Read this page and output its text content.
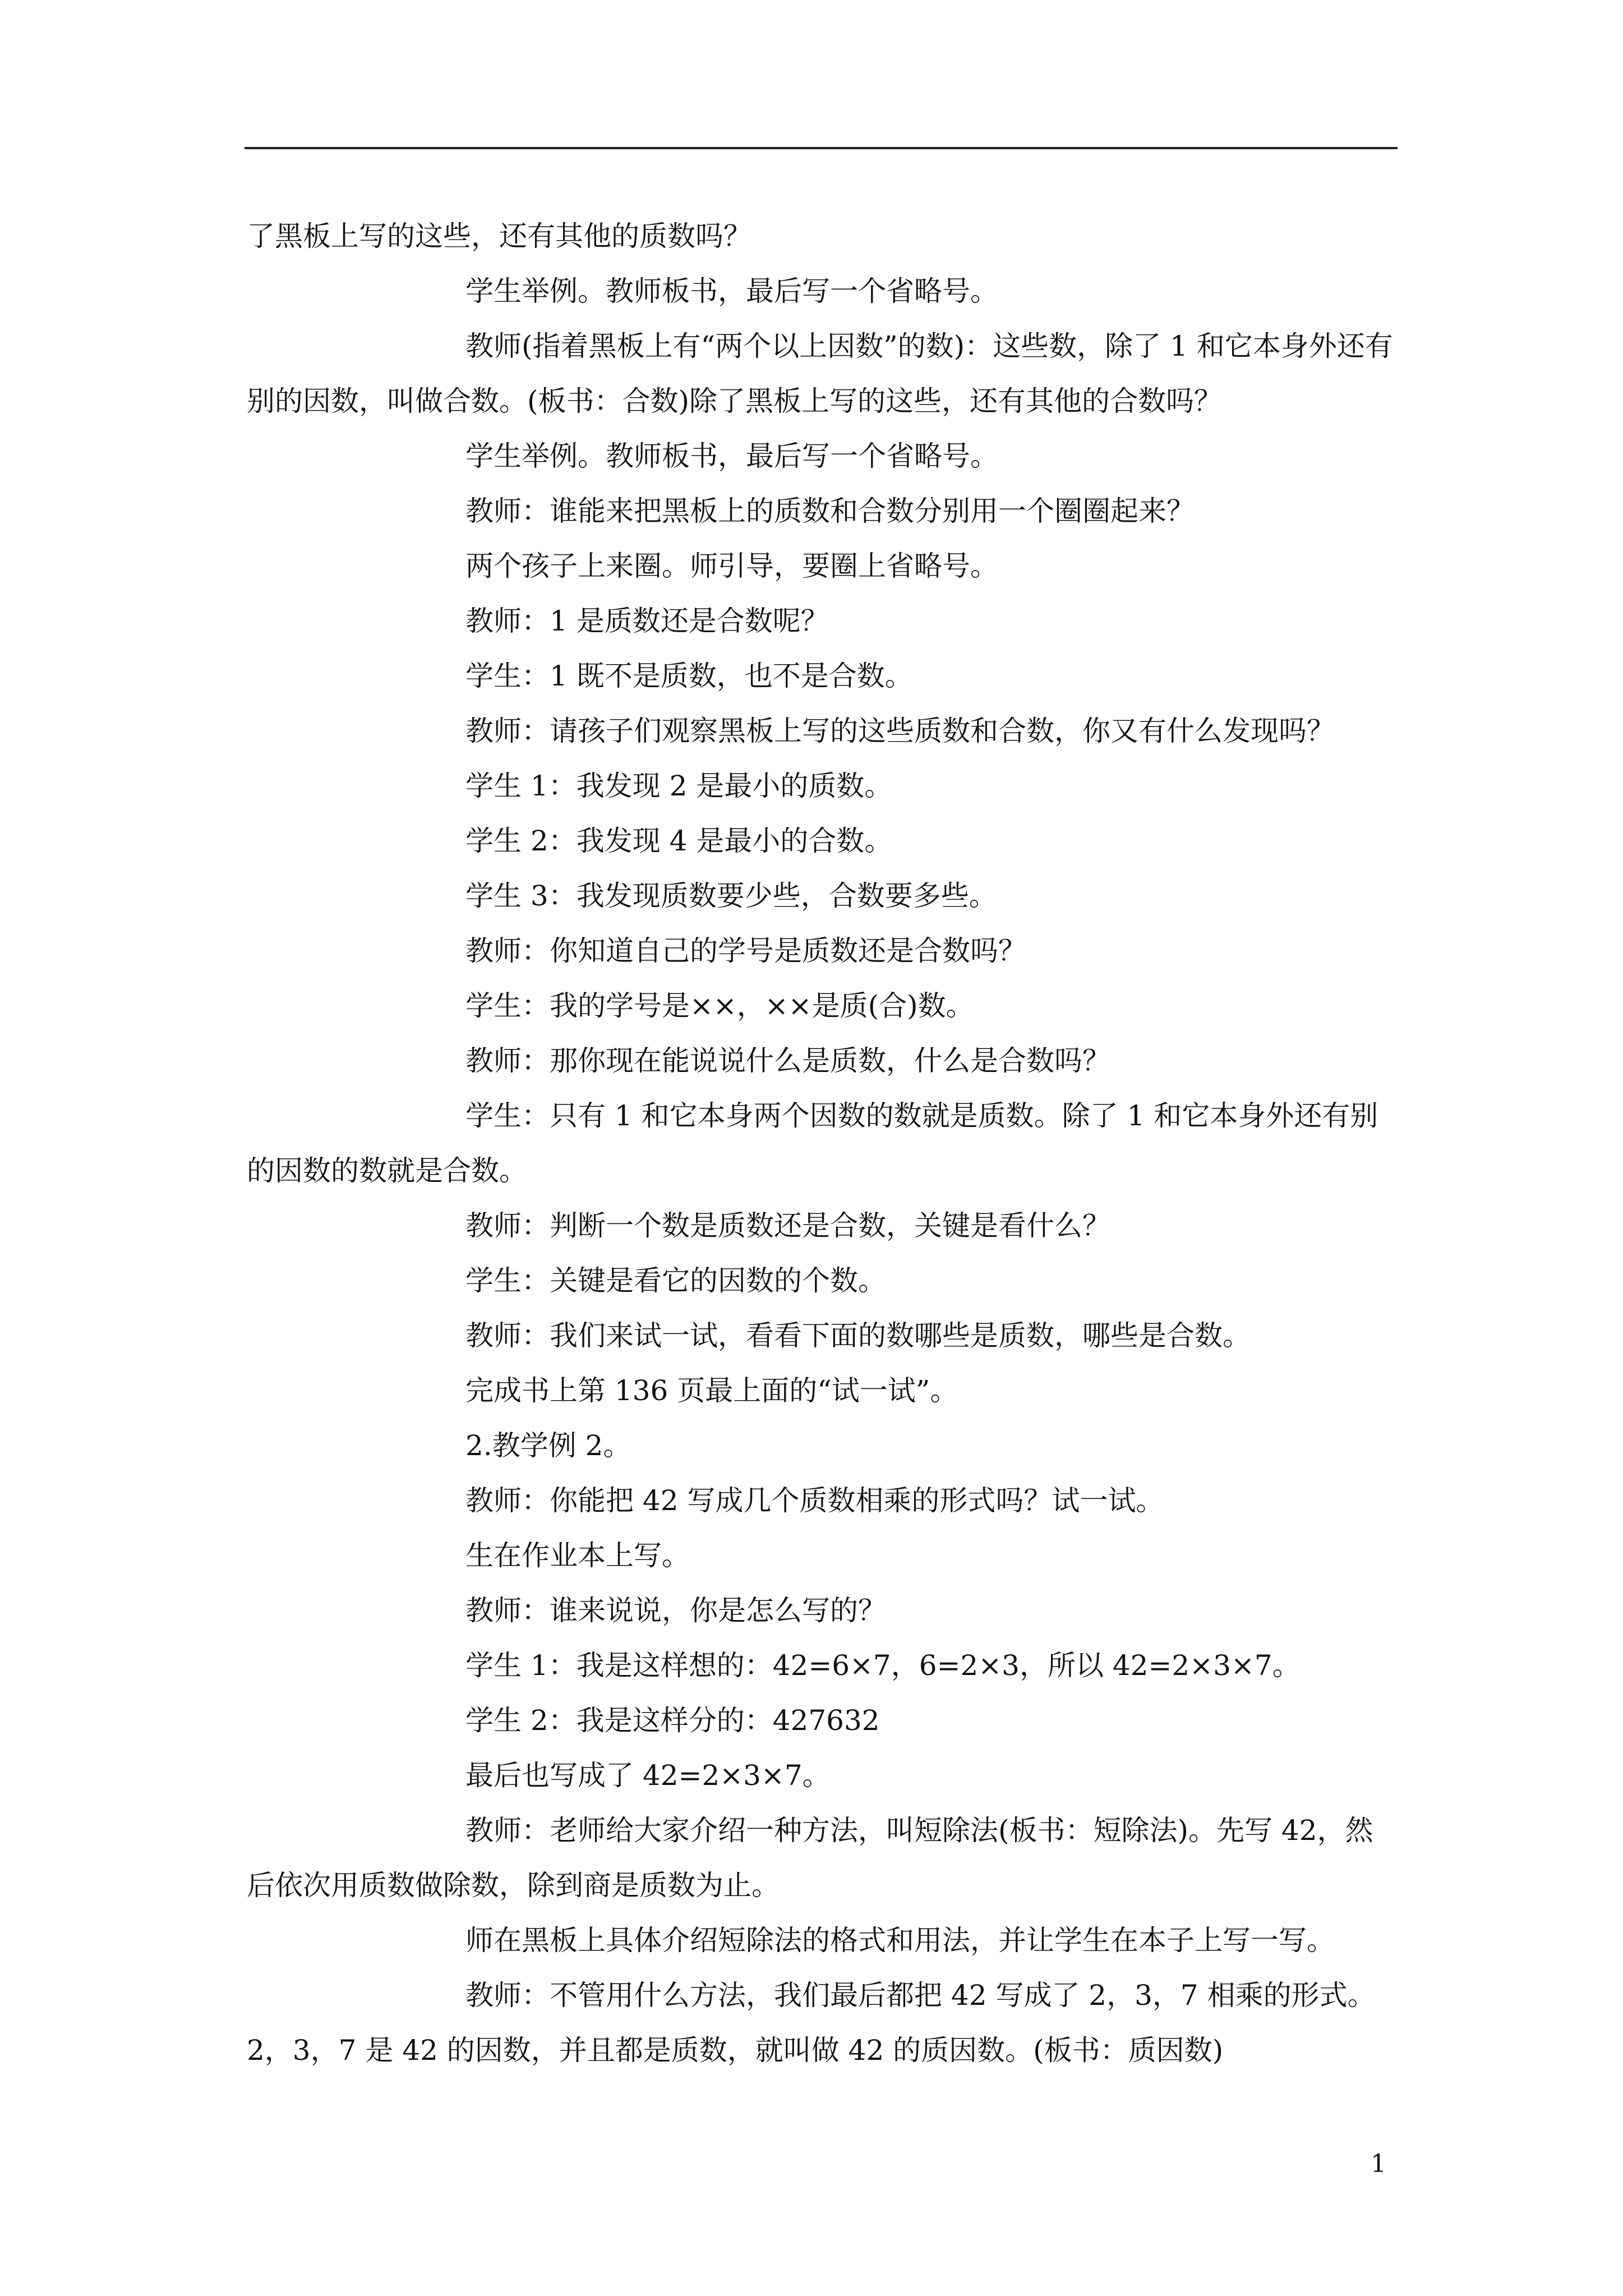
了黑板上写的这些，还有其他的质数吗？

学生举例。教师板书，最后写一个省略号。

教师(指着黑板上有“两个以上因数”的数)：这些数，除了 1 和它本身外还有别的因数，叫做合数。(板书：合数)除了黑板上写的这些，还有其他的合数吗？

学生举例。教师板书，最后写一个省略号。

教师：谁能来把黑板上的质数和合数分别用一个圈圈起来？

两个孩子上来圈。师引导，要圈上省略号。

教师：1 是质数还是合数呢？

学生：1 既不是质数，也不是合数。

教师：请孩子们观察黑板上写的这些质数和合数，你又有什么发现吗？

学生 1：我发现 2 是最小的质数。

学生 2：我发现 4 是最小的合数。

学生 3：我发现质数要少些，合数要多些。

教师：你知道自己的学号是质数还是合数吗？

学生：我的学号是××，××是质(合)数。

教师：那你现在能说说什么是质数，什么是合数吗？

学生：只有 1 和它本身两个因数的数就是质数。除了 1 和它本身外还有别的因数的数就是合数。

教师：判断一个数是质数还是合数，关键是看什么？

学生：关键是看它的因数的个数。

教师：我们来试一试，看看下面的数哪些是质数，哪些是合数。

完成书上第 136 页最上面的“试一试”。

2.教学例 2。

教师：你能把 42 写成几个质数相乘的形式吗？试一试。

生在作业本上写。

教师：谁来说说，你是怎么写的？

学生 1：我是这样想的：42=6×7，6=2×3，所以 42=2×3×7。

学生 2：我是这样分的：427632

最后也写成了 42=2×3×7。

教师：老师给大家介绍一种方法，叫短除法(板书：短除法)。先写 42，然后依次用质数做除数，除到商是质数为止。

师在黑板上具体介绍短除法的格式和用法，并让学生在本子上写一写。

教师：不管用什么方法，我们最后都把 42 写成了 2，3，7 相乘的形式。2，3，7 是 42 的因数，并且都是质数，就叫做 42 的质因数。(板书：质因数)

1
